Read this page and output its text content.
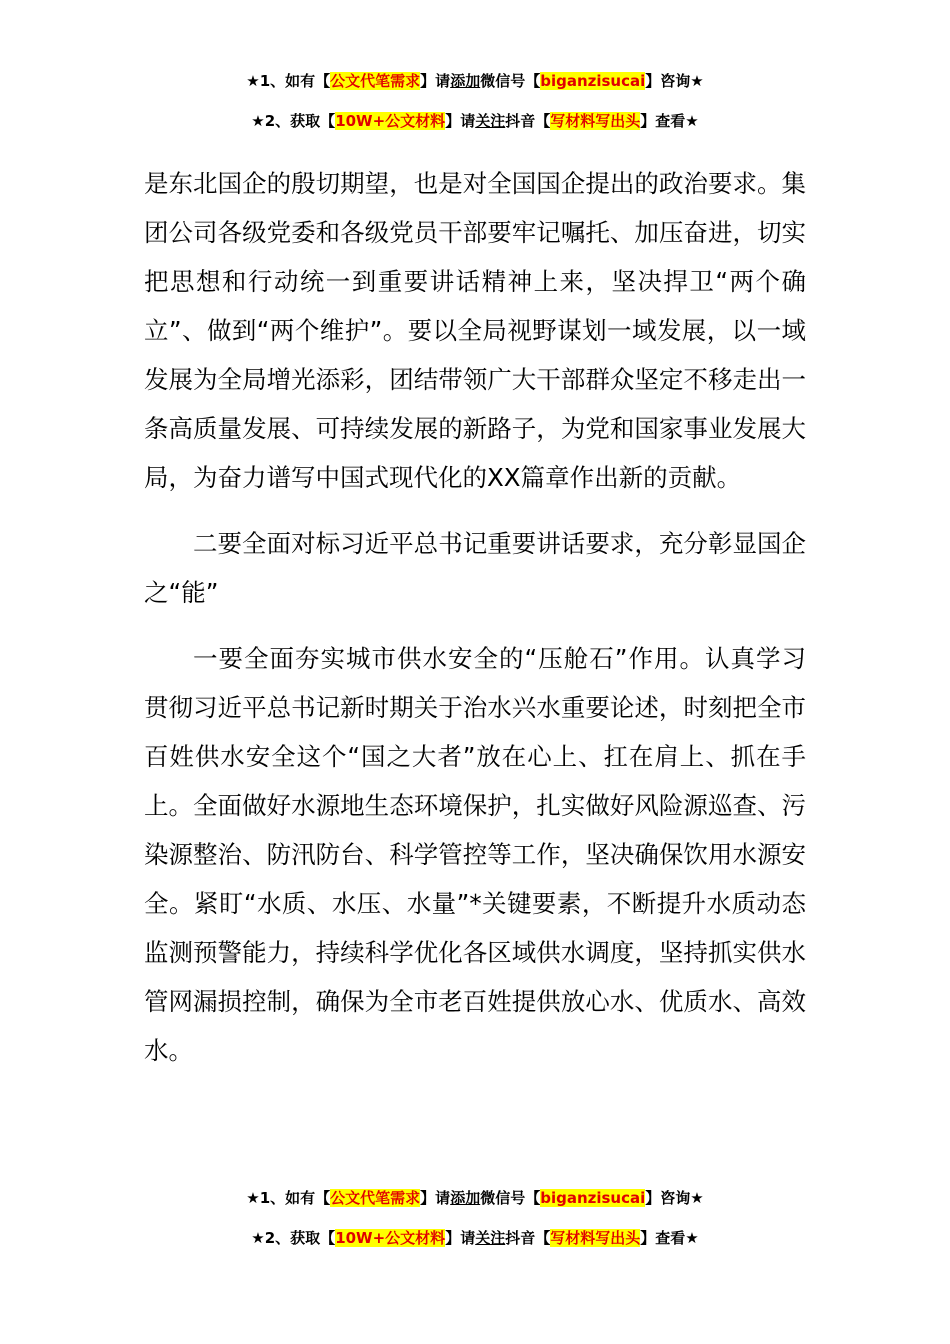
★1、如有【公文代笔需求】请添加微信号【biganzisucai】咨询★
★2、获取【10W+公文材料】请关注抖音【写材料写出头】查看★

是东北国企的殷切期望，也是对全国国企提出的政治要求。集团公司各级党委和各级党员干部要牢记嘱托、加压奋进，切实把思想和行动统一到重要讲话精神上来，坚决捍卫“两个确立”、做到“两个维护”。要以全局视野谋划一域发展，以一域发展为全局增光添彩，团结带领广大干部群众坚定不移走出一条高质量发展、可持续发展的新路子，为党和国家事业发展大局，为奋力谱写中国式现代化的XX篇章作出新的贡献。

二要全面对标习近平总书记重要讲话要求，充分彰显国企之“能”

一要全面夯实城市供水安全的“压舱石”作用。认真学习贯彻习近平总书记新时期关于治水兴水重要论述，时刻把全市百姓供水安全这个“国之大者”放在心上、扛在肩上、抓在手上。全面做好水源地生态环境保护，扎实做好风险源巡查、污染源整治、防汛防台、科学管控等工作，坚决确保饮用水源安全。紧盯“水质、水压、水量”*关键要素，不断提升水质动态监测预警能力，持续科学优化各区域供水调度，坚持抓实供水管网漏损控制，确保为全市老百姓提供放心水、优质水、高效水。

★1、如有【公文代笔需求】请添加微信号【biganzisucai】咨询★
★2、获取【10W+公文材料】请关注抖音【写材料写出头】查看★
